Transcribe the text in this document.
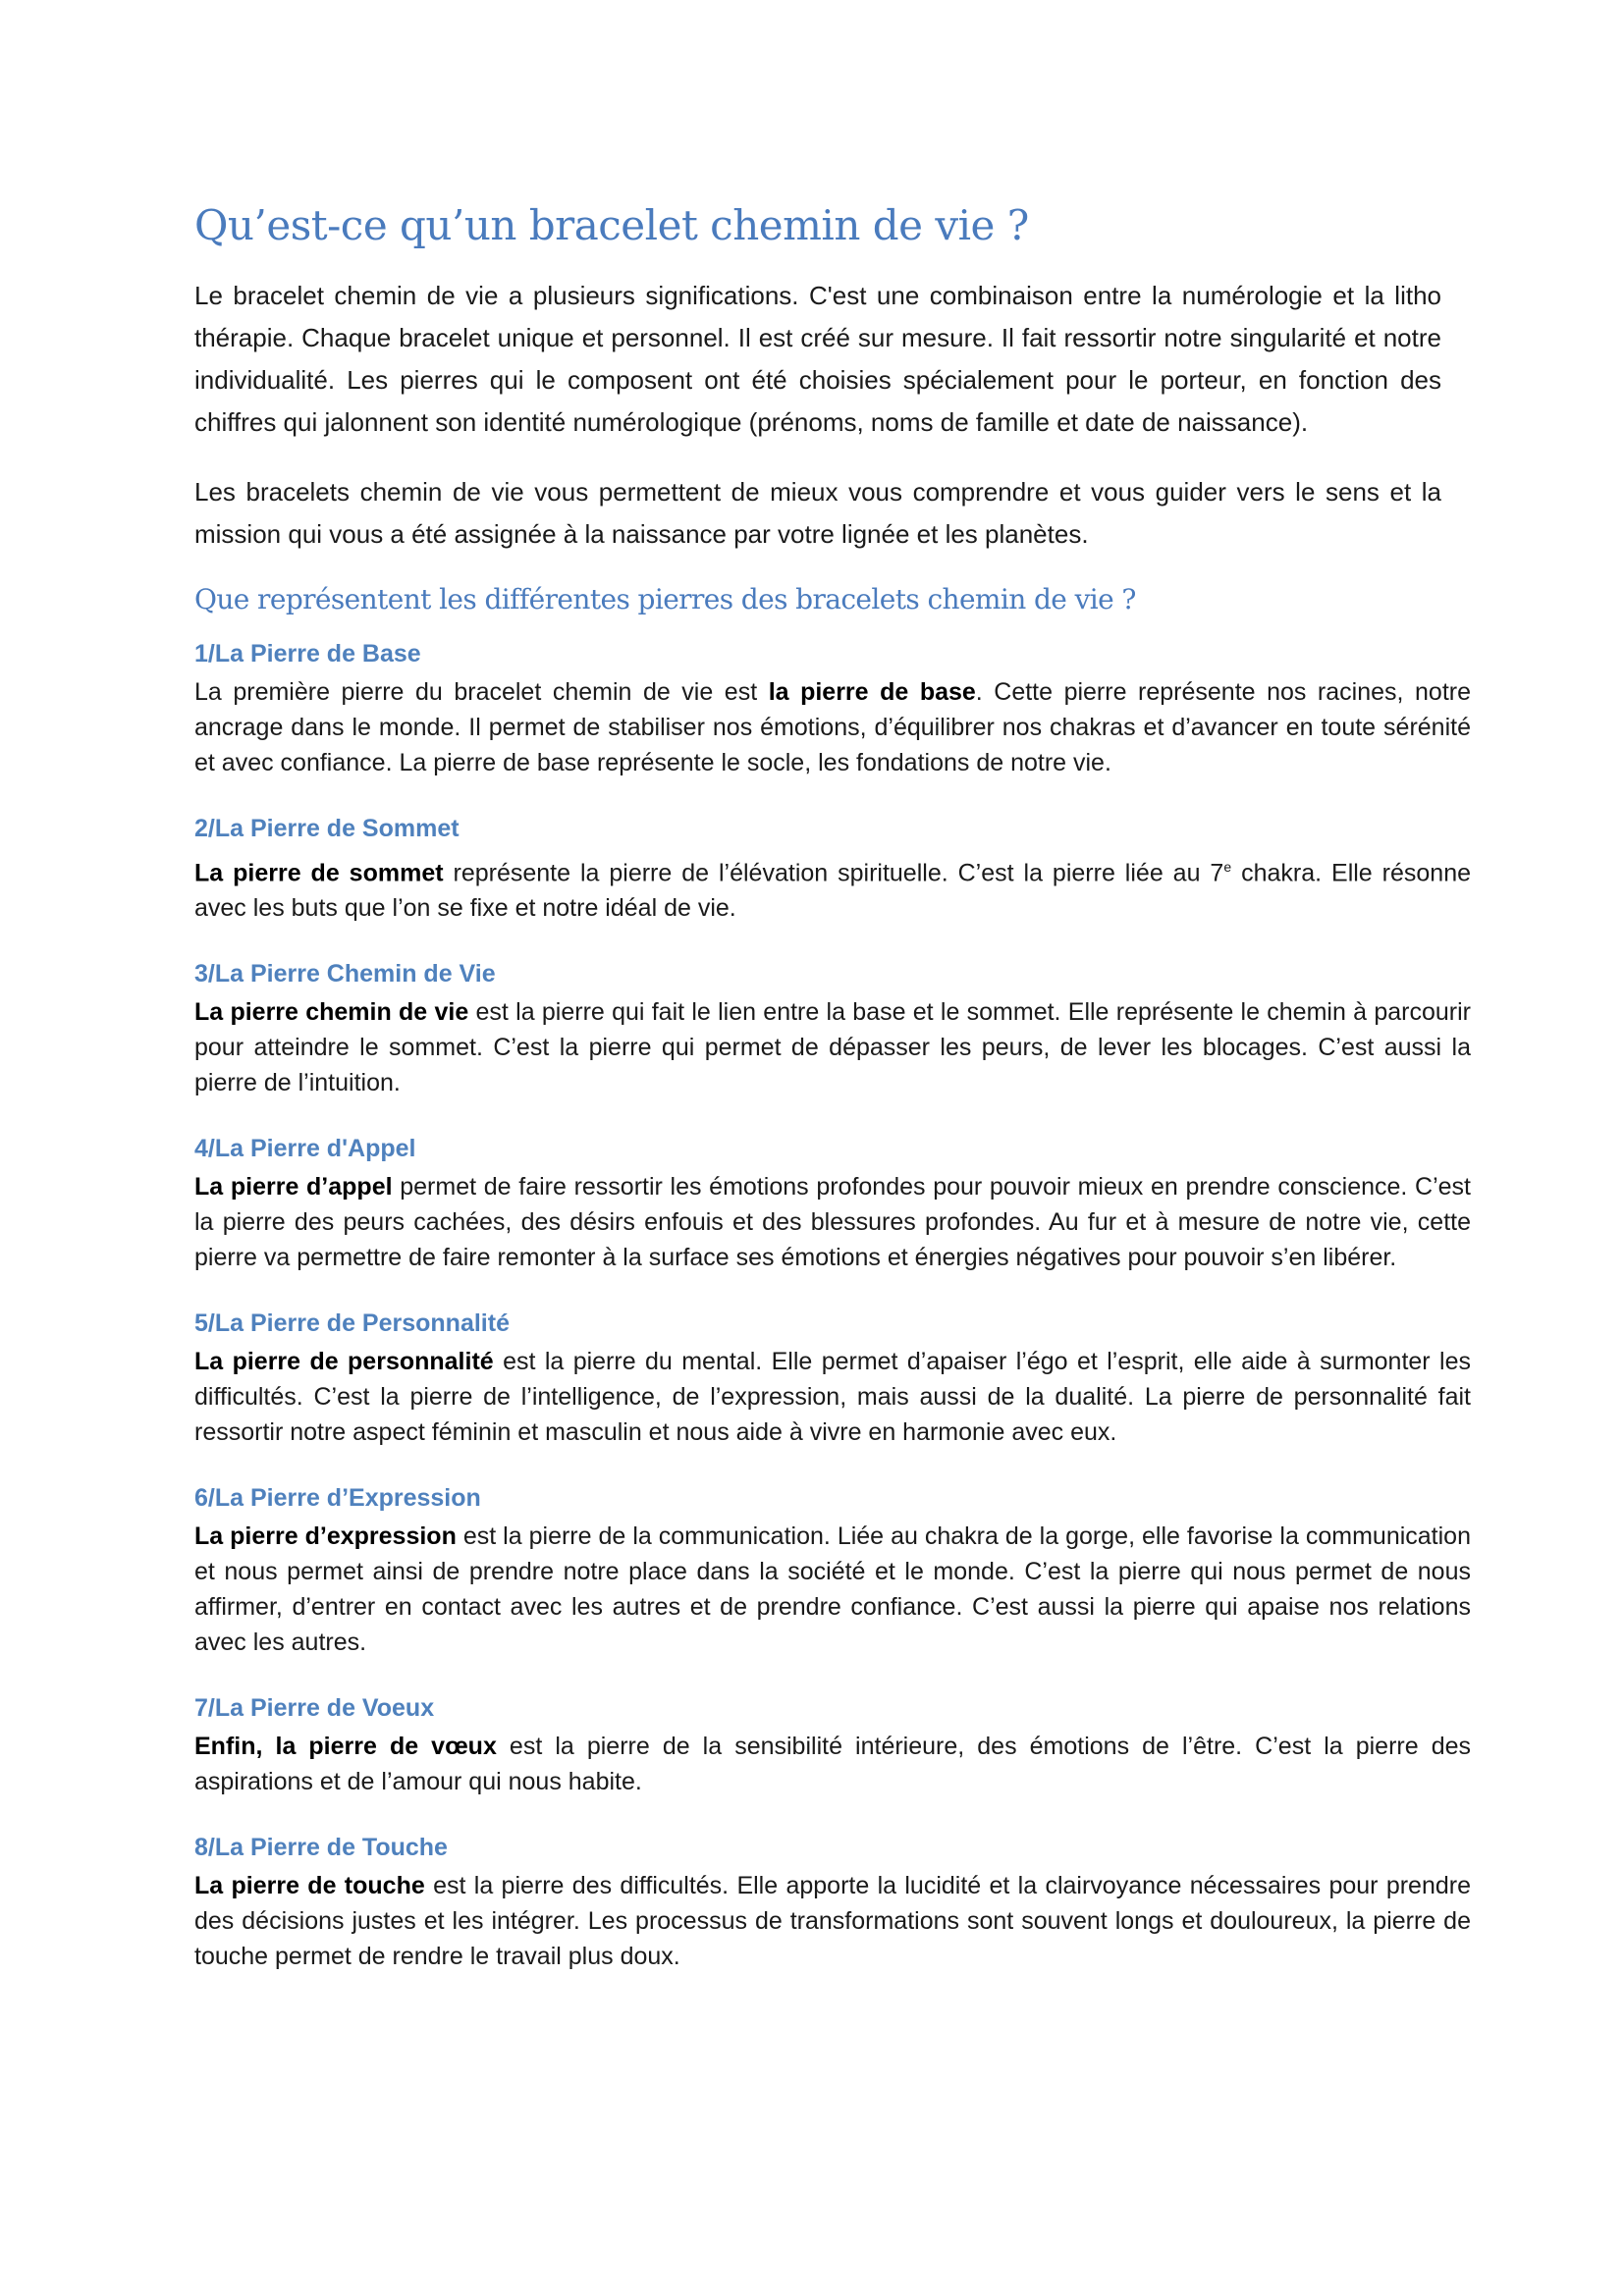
Qu’est-ce qu’un bracelet chemin de vie ?

Le bracelet chemin de vie a plusieurs significations. C'est une combinaison entre la numérologie et la litho thérapie. Chaque bracelet unique et personnel. Il est créé sur mesure. Il fait ressortir notre singularité et notre individualité. Les pierres qui le composent ont été choisies spécialement pour le porteur, en fonction des chiffres qui jalonnent son identité numérologique (prénoms, noms de famille et date de naissance).

Les bracelets chemin de vie vous permettent de mieux vous comprendre et vous guider vers le sens et la mission qui vous a été assignée à la naissance par votre lignée et les planètes.

Que représentent les différentes pierres des bracelets chemin de vie ?
1/La Pierre de Base

La première pierre du bracelet chemin de vie est la pierre de base. Cette pierre représente nos racines, notre ancrage dans le monde. Il permet de stabiliser nos émotions, d’équilibrer nos chakras et d’avancer en toute sérénité et avec confiance. La pierre de base représente le socle, les fondations de notre vie.

2/La Pierre de Sommet

La pierre de sommet représente la pierre de l’élévation spirituelle. C’est la pierre liée au 7e chakra. Elle résonne avec les buts que l’on se fixe et notre idéal de vie.

3/La Pierre Chemin de Vie

La pierre chemin de vie est la pierre qui fait le lien entre la base et le sommet. Elle représente le chemin à parcourir pour atteindre le sommet. C’est la pierre qui permet de dépasser les peurs, de lever les blocages. C’est aussi la pierre de l’intuition.

4/La Pierre d'Appel

La pierre d’appel permet de faire ressortir les émotions profondes pour pouvoir mieux en prendre conscience. C’est la pierre des peurs cachées, des désirs enfouis et des blessures profondes. Au fur et à mesure de notre vie, cette pierre va permettre de faire remonter à la surface ses émotions et énergies négatives pour pouvoir s’en libérer.

5/La Pierre de Personnalité

La pierre de personnalité est la pierre du mental. Elle permet d’apaiser l’égo et l’esprit, elle aide à surmonter les difficultés. C’est la pierre de l’intelligence, de l’expression, mais aussi de la dualité. La pierre de personnalité fait ressortir notre aspect féminin et masculin et nous aide à vivre en harmonie avec eux.

6/La Pierre d’Expression

La pierre d’expression est la pierre de la communication. Liée au chakra de la gorge, elle favorise la communication et nous permet ainsi de prendre notre place dans la société et le monde. C’est la pierre qui nous permet de nous affirmer, d’entrer en contact avec les autres et de prendre confiance. C’est aussi la pierre qui apaise nos relations avec les autres.

7/La Pierre de Voeux

Enfin, la pierre de vœux est la pierre de la sensibilité intérieure, des émotions de l’être. C’est la pierre des aspirations et de l’amour qui nous habite.

8/La Pierre de Touche

La pierre de touche est la pierre des difficultés. Elle apporte la lucidité et la clairvoyance nécessaires pour prendre des décisions justes et les intégrer. Les processus de transformations sont souvent longs et douloureux, la pierre de touche permet de rendre le travail plus doux.
